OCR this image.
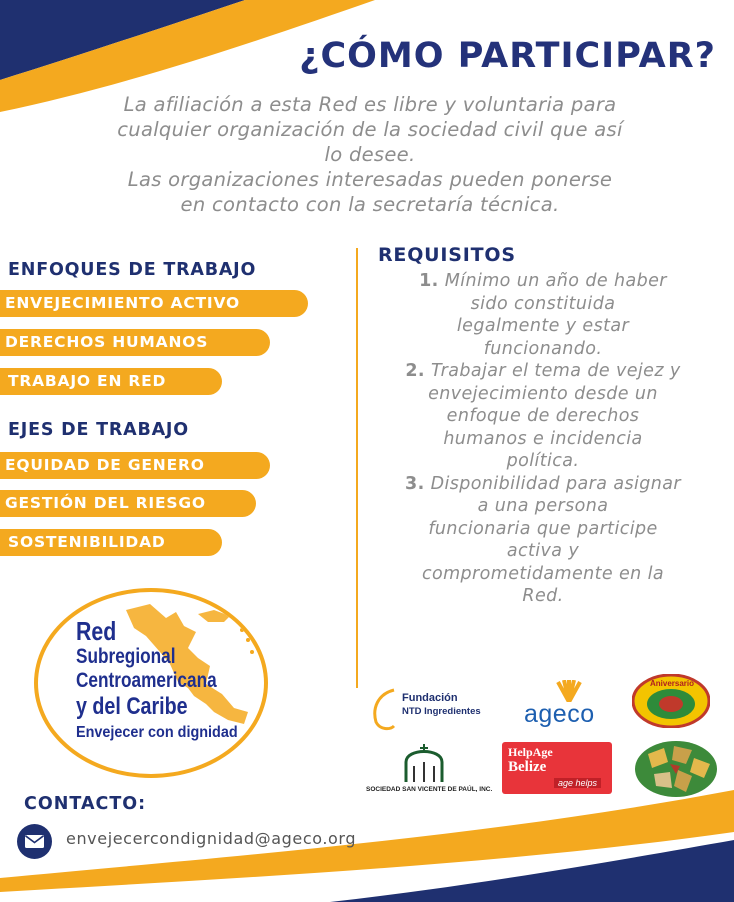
¿CÓMO PARTICIPAR?
La afiliación a esta Red es libre y voluntaria para
cualquier organización de la sociedad civil que así
lo desee.
Las organizaciones interesadas pueden ponerse
en contacto con la secretaría técnica.
ENFOQUES DE TRABAJO
ENVEJECIMIENTO ACTIVO
DERECHOS HUMANOS
TRABAJO EN RED
EJES DE TRABAJO
EQUIDAD DE GENERO
GESTIÓN DEL RIESGO
SOSTENIBILIDAD
REQUISITOS
1. Mínimo un año de haber
sido constituida
legalmente y estar
funcionando.
2. Trabajar el tema de vejez y
envejecimiento desde un
enfoque de derechos
humanos e incidencia
política.
3. Disponibilidad para asignar
a una persona
funcionaria que participe
activa y
comprometidamente en la
Red.
Red
Subregional
Centroamericana
y del Caribe
Envejecer con dignidad
Fundación
NTD Ingredientes ageco
Aniversario
SOCIEDAD SAN VICENTE DE PAÚL, INC.
HelpAge
Belize
age helps
CONTACTO:
envejecercondignidad@ageco.org
